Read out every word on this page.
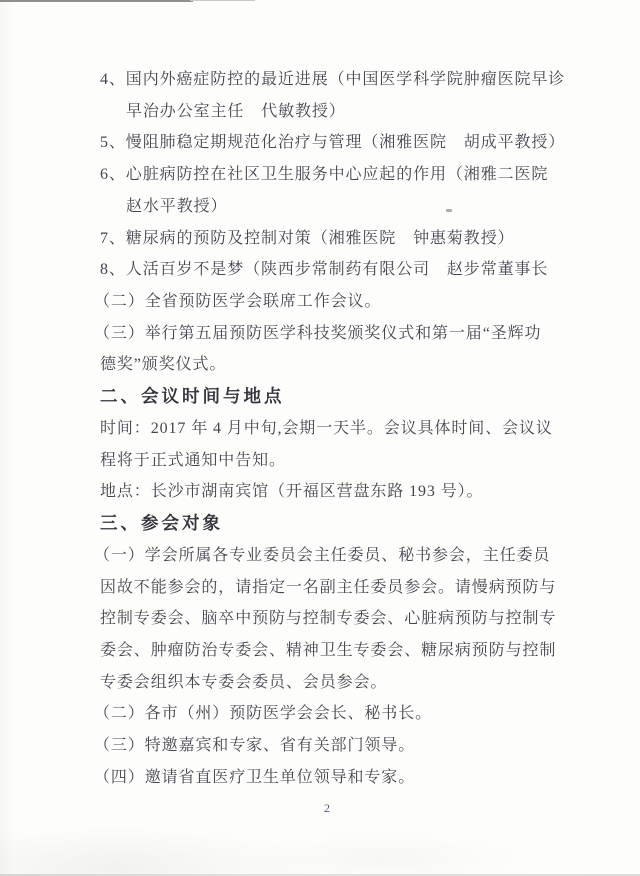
4、国内外癌症防控的最近进展（中国医学科学院肿瘤医院早诊
早治办公室主任　代敏教授）
5、慢阻肺稳定期规范化治疗与管理（湘雅医院　胡成平教授）
6、心脏病防控在社区卫生服务中心应起的作用（湘雅二医院
赵水平教授）
7、糖尿病的预防及控制对策（湘雅医院　钟惠菊教授）
8、人活百岁不是梦（陕西步常制药有限公司　赵步常董事长
（二）全省预防医学会联席工作会议。
（三）举行第五届预防医学科技奖颁奖仪式和第一届“圣辉功
德奖”颁奖仪式。
二、会议时间与地点
时间：2017 年 4 月中旬,会期一天半。会议具体时间、会议议
程将于正式通知中告知。
地点：长沙市湖南宾馆（开福区营盘东路 193 号）。
三、参会对象
（一）学会所属各专业委员会主任委员、秘书参会，主任委员
因故不能参会的，请指定一名副主任委员参会。请慢病预防与
控制专委会、脑卒中预防与控制专委会、心脏病预防与控制专
委会、肿瘤防治专委会、精神卫生专委会、糖尿病预防与控制
专委会组织本专委会委员、会员参会。
（二）各市（州）预防医学会会长、秘书长。
（三）特邀嘉宾和专家、省有关部门领导。
（四）邀请省直医疗卫生单位领导和专家。
2
